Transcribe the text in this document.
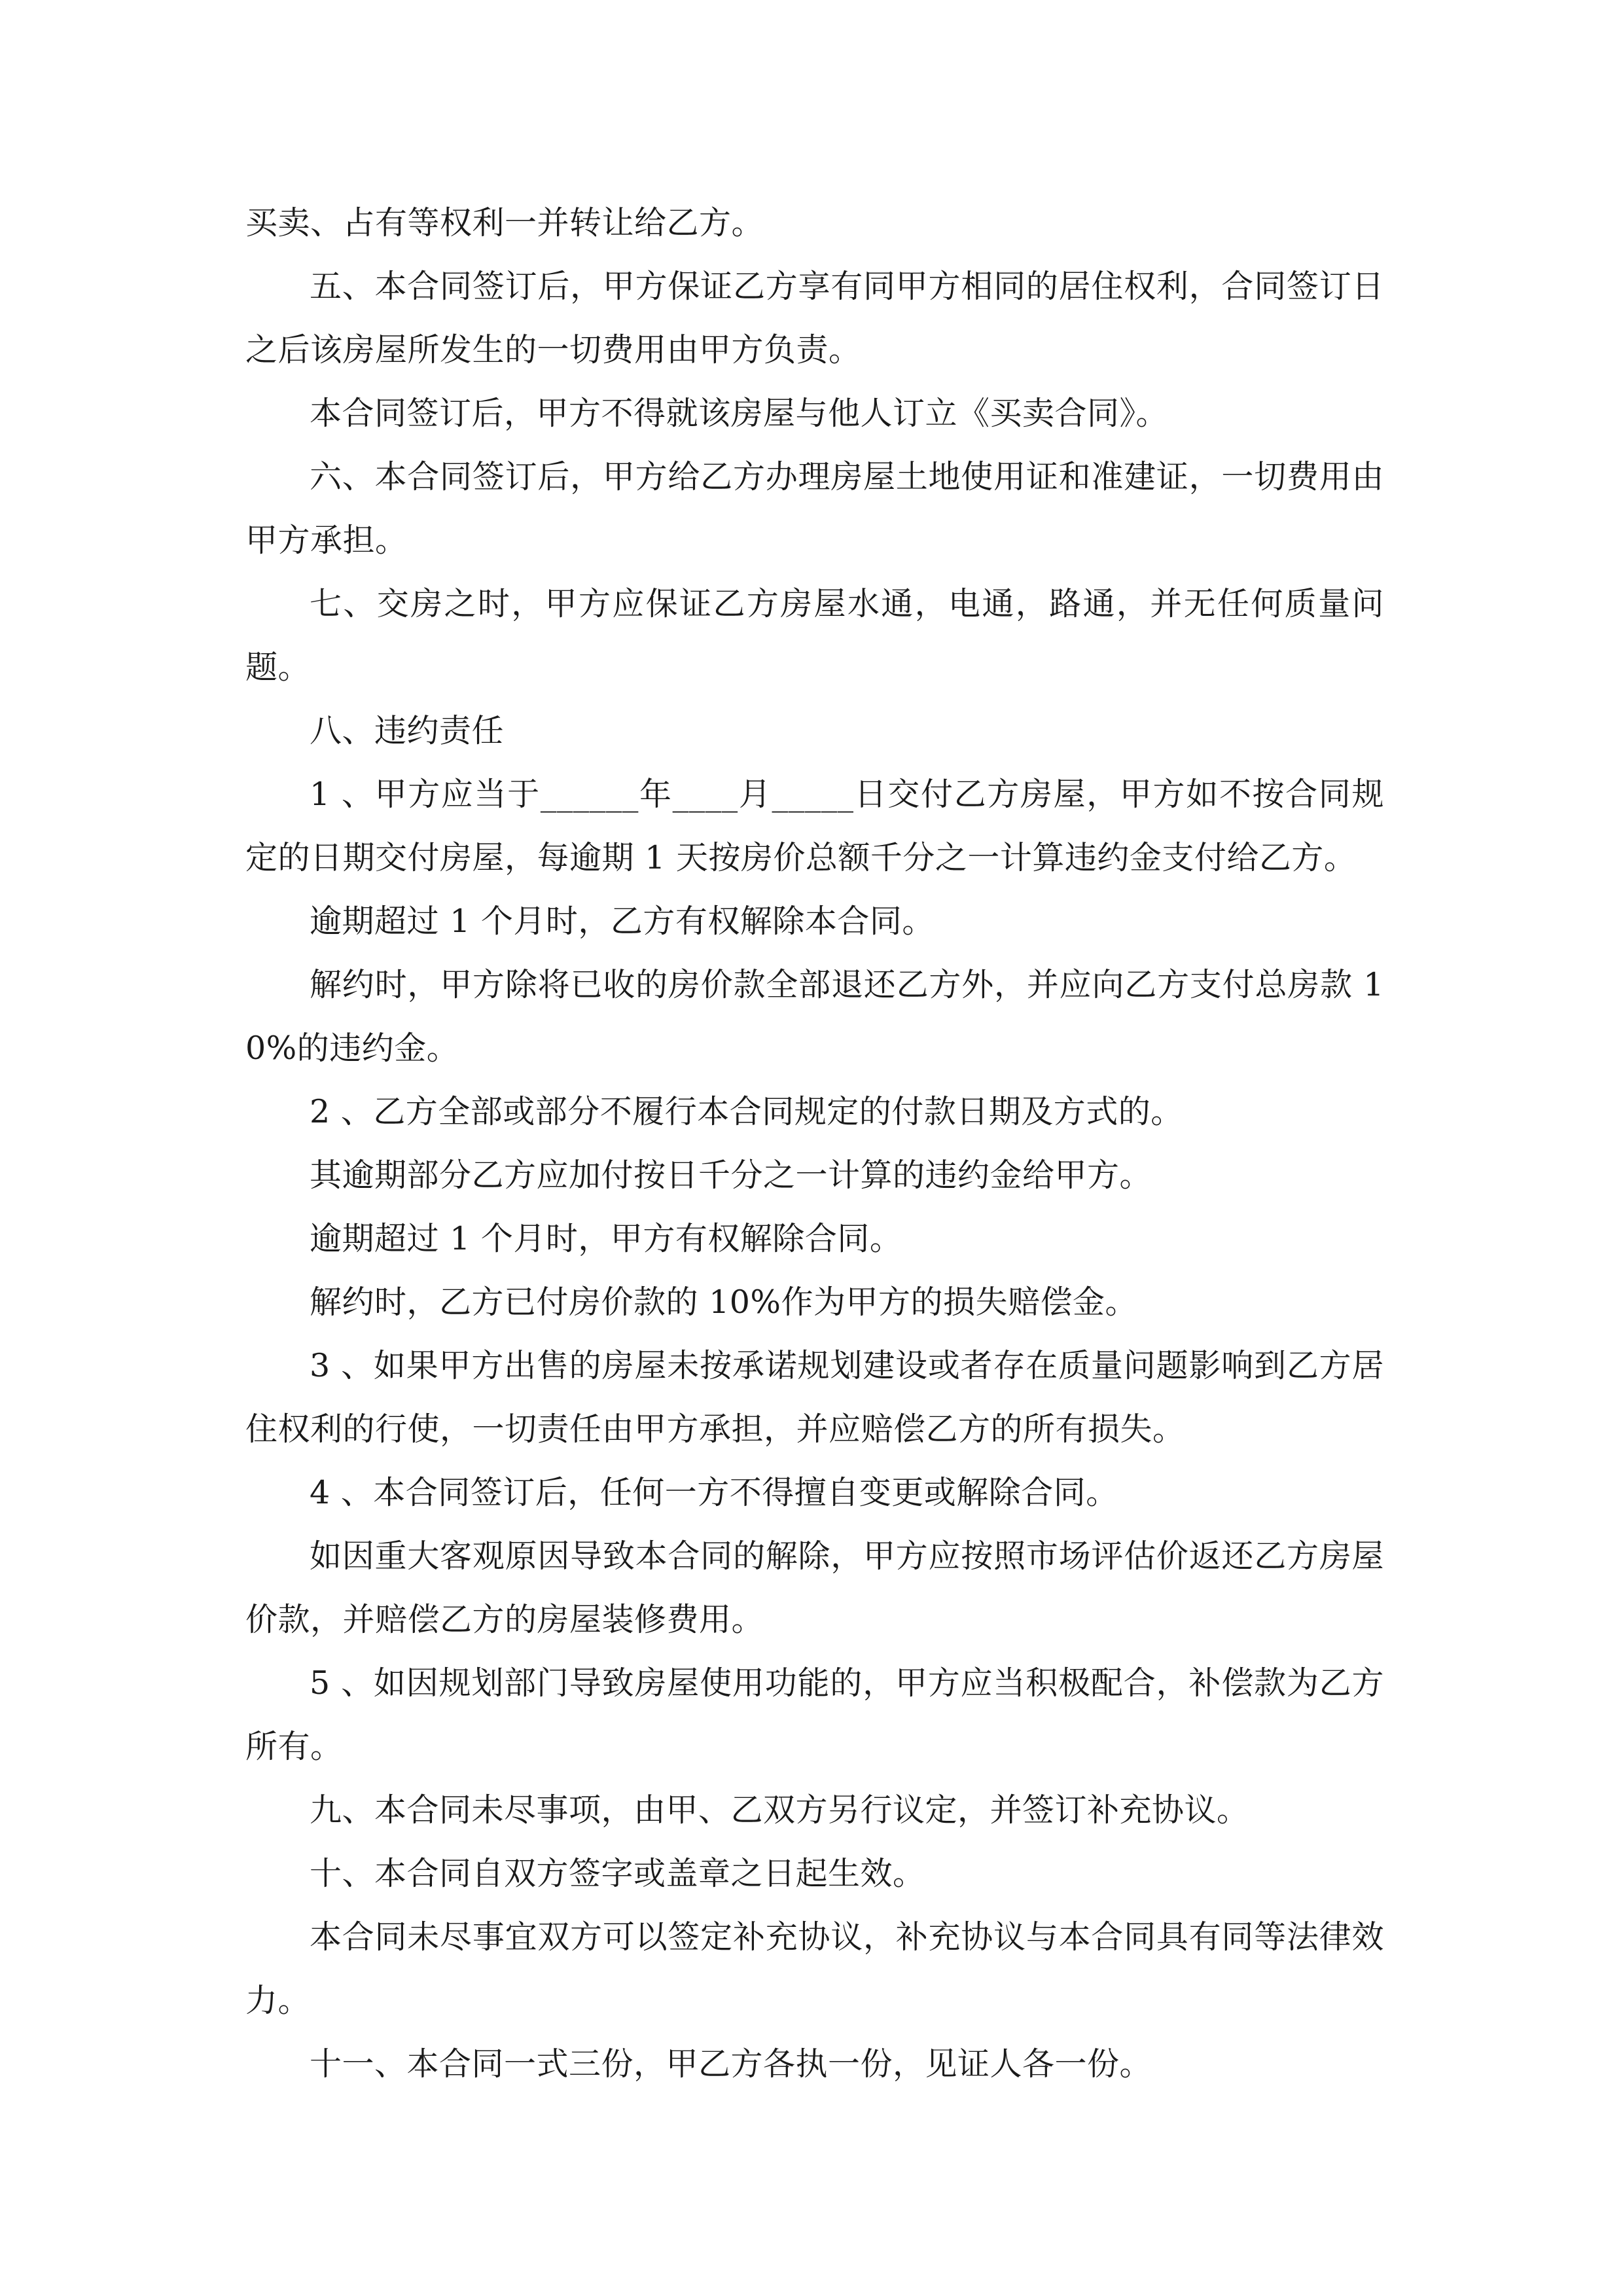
买卖、占有等权利一并转让给乙方。

五、本合同签订后，甲方保证乙方享有同甲方相同的居住权利，合同签订日之后该房屋所发生的一切费用由甲方负责。

本合同签订后，甲方不得就该房屋与他人订立《买卖合同》。

六、本合同签订后，甲方给乙方办理房屋土地使用证和准建证，一切费用由甲方承担。

七、交房之时，甲方应保证乙方房屋水通，电通，路通，并无任何质量问题。

八、违约责任

1 、甲方应当于______年____月_____日交付乙方房屋，甲方如不按合同规定的日期交付房屋，每逾期 1 天按房价总额千分之一计算违约金支付给乙方。

逾期超过 1 个月时，乙方有权解除本合同。

解约时，甲方除将已收的房价款全部退还乙方外，并应向乙方支付总房款 10%的违约金。

2 、乙方全部或部分不履行本合同规定的付款日期及方式的。

其逾期部分乙方应加付按日千分之一计算的违约金给甲方。

逾期超过 1 个月时，甲方有权解除合同。

解约时，乙方已付房价款的 10%作为甲方的损失赔偿金。

3 、如果甲方出售的房屋未按承诺规划建设或者存在质量问题影响到乙方居住权利的行使，一切责任由甲方承担，并应赔偿乙方的所有损失。

4 、本合同签订后，任何一方不得擅自变更或解除合同。

如因重大客观原因导致本合同的解除，甲方应按照市场评估价返还乙方房屋价款，并赔偿乙方的房屋装修费用。

5 、如因规划部门导致房屋使用功能的，甲方应当积极配合，补偿款为乙方所有。

九、本合同未尽事项，由甲、乙双方另行议定，并签订补充协议。

十、本合同自双方签字或盖章之日起生效。

本合同未尽事宜双方可以签定补充协议，补充协议与本合同具有同等法律效力。

十一、本合同一式三份，甲乙方各执一份，见证人各一份。
